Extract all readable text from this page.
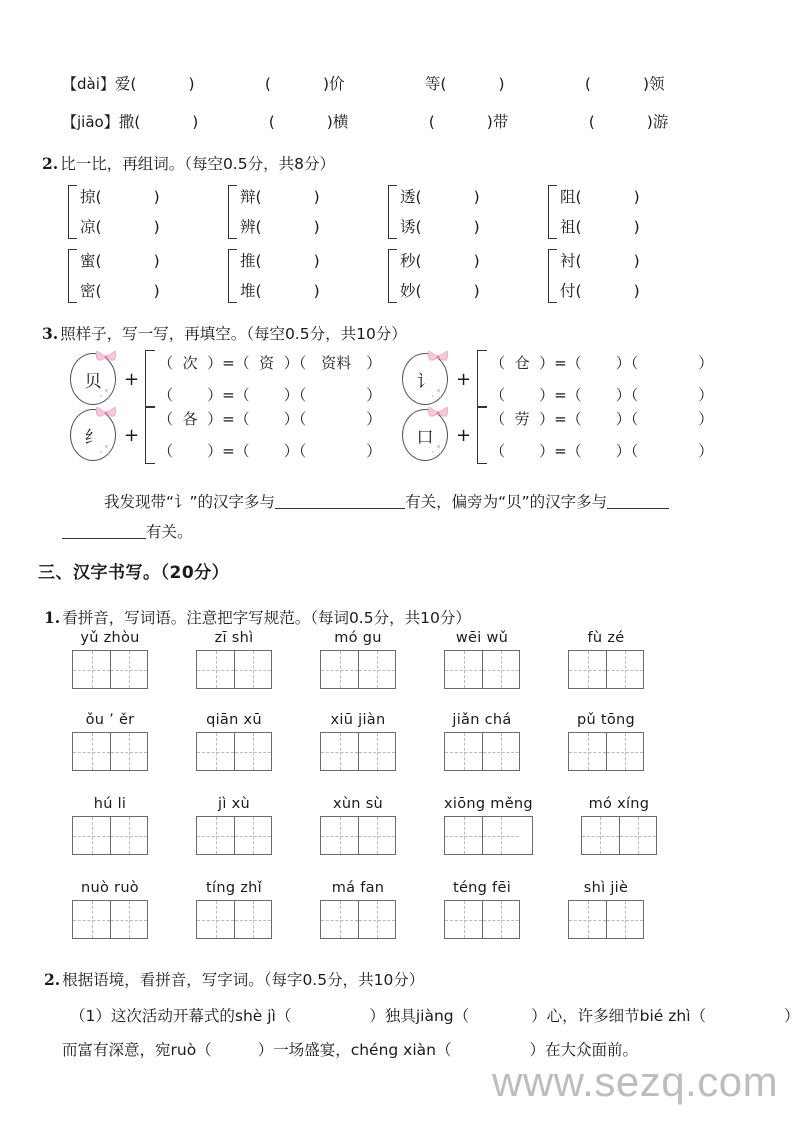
【dài】爱(	)	(	)价	等(	)	(	)领
【jiāo】撒(	)	(	)横	(	)带	(	)游
2. 比一比，再组词。（每空0.5分，共8分）
掠(	)
凉(	)
辩(	)
辨(	)
透(	)
诱(	)
阻(	)
祖(	)
蜜(	)
密(	)
推(	)
堆(	)
秒(	)
妙(	)
衬(	)
付(	)
3. 照样子，写一写，再填空。（每空0.5分，共10分）
贝 +
（ 次 ）=（ 资 ）（ 资料 ）
（ ）=（ ）（	）
讠 +
（ 仓 ）=（ ）（	）
（ ）=（ ）（	）
纟 +
（ 各 ）=（ ）（	）
（ ）=（ ）（	）
口 +
（ 劳 ）=（ ）（	）
（ ）=（ ）（	）
我发现带“讠”的汉字多与	有关，偏旁为“贝”的汉字多与
有关。
三、汉字书写。（20分）
1. 看拼音，写词语。注意把字写规范。（每词0.5分，共10分）
yǔ zhòu	zī shì	mó gu	wēi wǔ	fù zé
ǒu ’ ěr	qiān xū	xiū jiàn	jiǎn chá	pǔ tōng
hú li	jì xù	xùn sù	xiōng měng	mó xíng
nuò ruò	tíng zhǐ	má fan	téng fēi	shì jiè
2. 根据语境，看拼音，写字词。（每字0.5分，共10分）
（1）这次活动开幕式的shè jì（	）独具jiàng（	）心，许多细节bié zhì（	）
而富有深意，宛ruò（	）一场盛宴，chéng xiàn（	）在大众面前。
www.sezq.com
